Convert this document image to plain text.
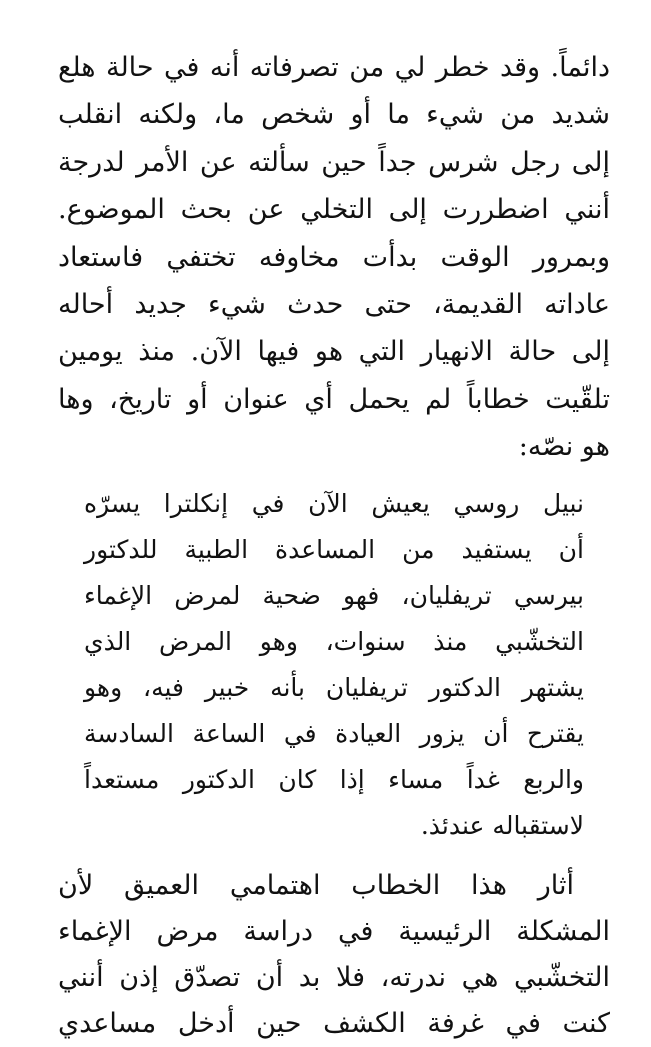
دائماً. وقد خطر لي من تصرفاته أنه في حالة هلع
شديد من شيء ما أو شخص ما، ولكنه انقلب
إلى رجل شرس جداً حين سألته عن الأمر لدرجة
أنني اضطررت إلى التخلي عن بحث الموضوع.
وبمرور الوقت بدأت مخاوفه تختفي فاستعاد
عاداته القديمة، حتى حدث شيء جديد أحاله
إلى حالة الانهيار التي هو فيها الآن. منذ يومين
تلقّيت خطاباً لم يحمل أي عنوان أو تاريخ، وها
هو نصّه:
نبيل روسي يعيش الآن في إنكلترا يسرّه
أن يستفيد من المساعدة الطبية للدكتور
بيرسي تريفليان، فهو ضحية لمرض الإغماء
التخشّبي منذ سنوات، وهو المرض الذي
يشتهر الدكتور تريفليان بأنه خبير فيه، وهو
يقترح أن يزور العيادة في الساعة السادسة
والربع غداً مساء إذا كان الدكتور مستعداً
لاستقباله عندئذ.
أثار هذا الخطاب اهتمامي العميق لأن
المشكلة الرئيسية في دراسة مرض الإغماء
التخشّبي هي ندرته، فلا بد أن تصدّق إذن أنني
كنت في غرفة الكشف حين أدخل مساعدي
